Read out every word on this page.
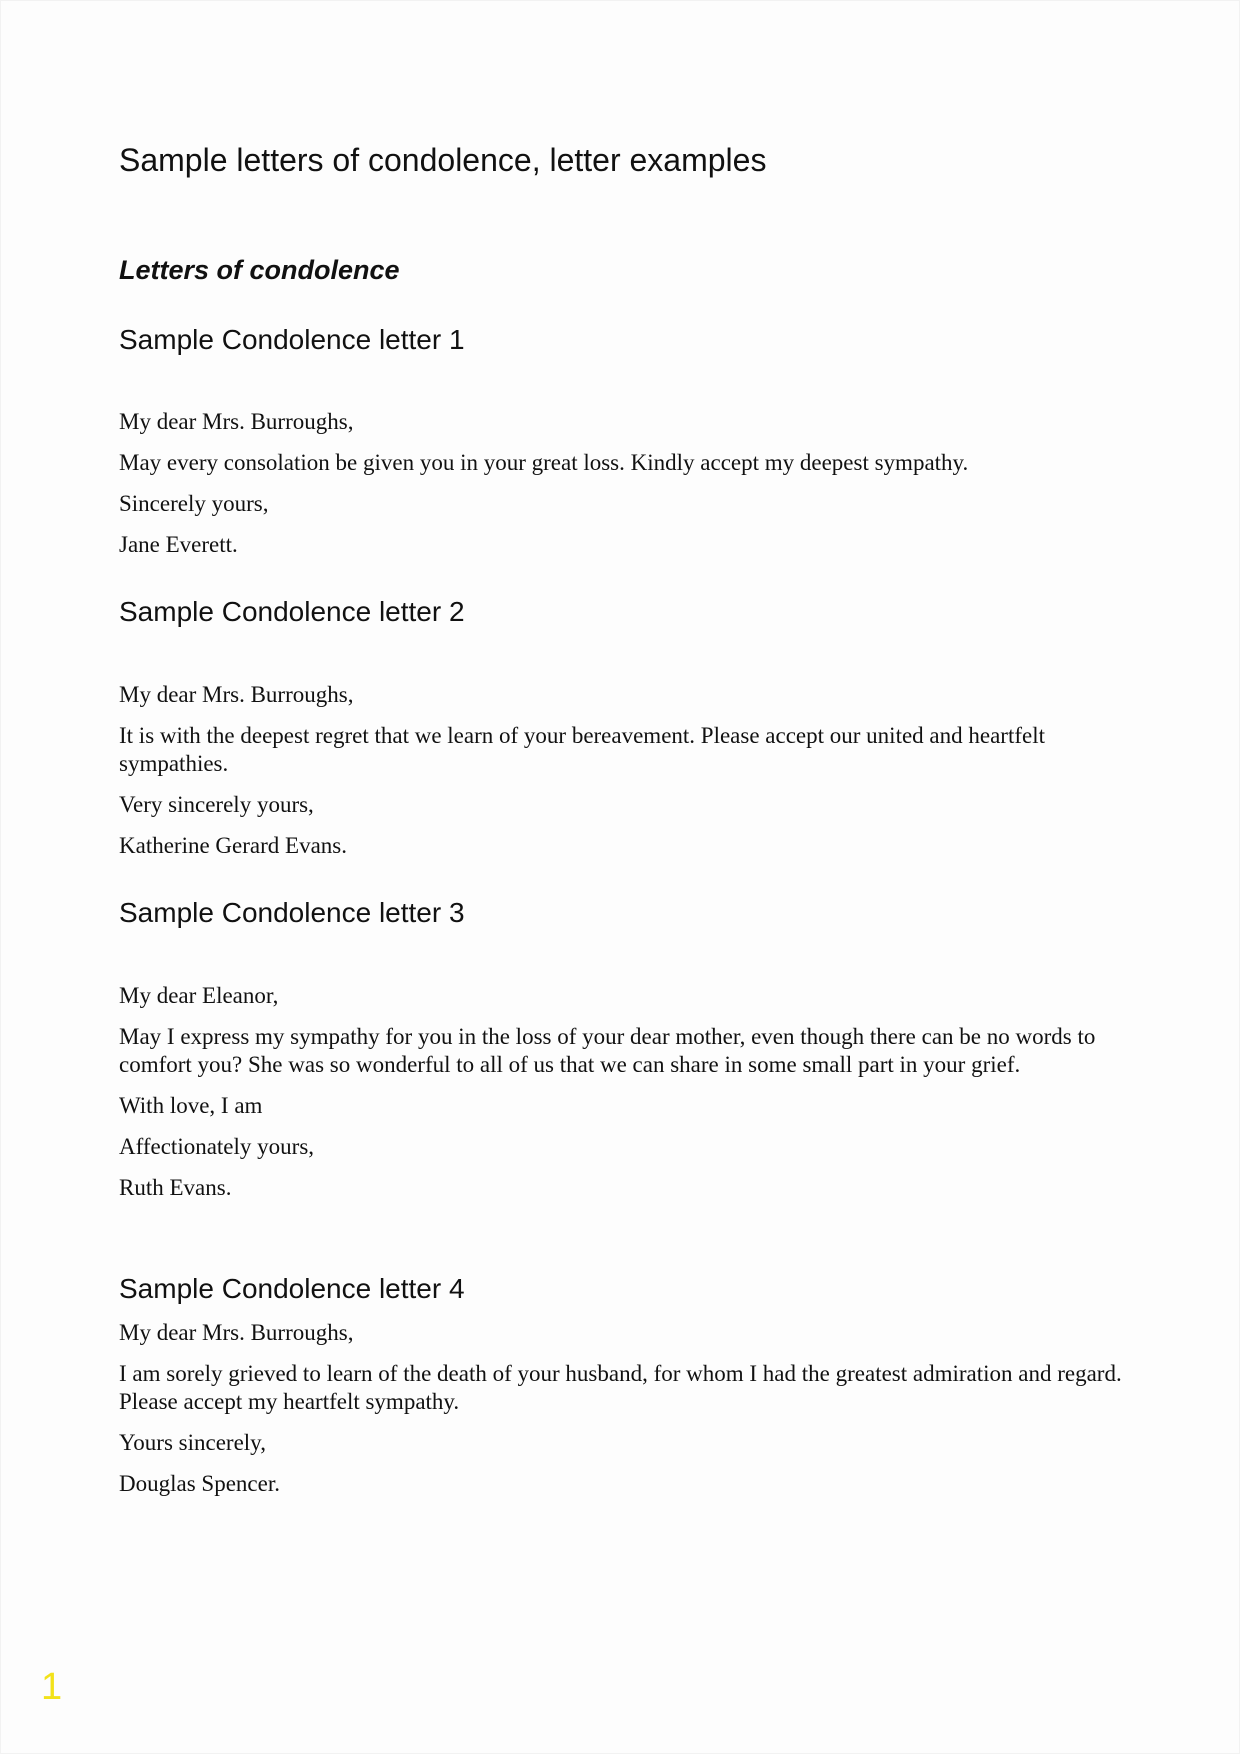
Sample letters of condolence, letter examples
Letters of condolence
Sample Condolence letter 1

My dear Mrs. Burroughs,

May every consolation be given you in your great loss. Kindly accept my deepest sympathy.

Sincerely yours,

Jane Everett.

Sample Condolence letter 2

My dear Mrs. Burroughs,

It is with the deepest regret that we learn of your bereavement. Please accept our united and heartfelt sympathies.

Very sincerely yours,

Katherine Gerard Evans.

Sample Condolence letter 3

My dear Eleanor,

May I express my sympathy for you in the loss of your dear mother, even though there can be no words to comfort you? She was so wonderful to all of us that we can share in some small part in your grief.

With love, I am

Affectionately yours,

Ruth Evans.

Sample Condolence letter 4

My dear Mrs. Burroughs,

I am sorely grieved to learn of the death of your husband, for whom I had the greatest admiration and regard. Please accept my heartfelt sympathy.

Yours sincerely,

Douglas Spencer.

1
